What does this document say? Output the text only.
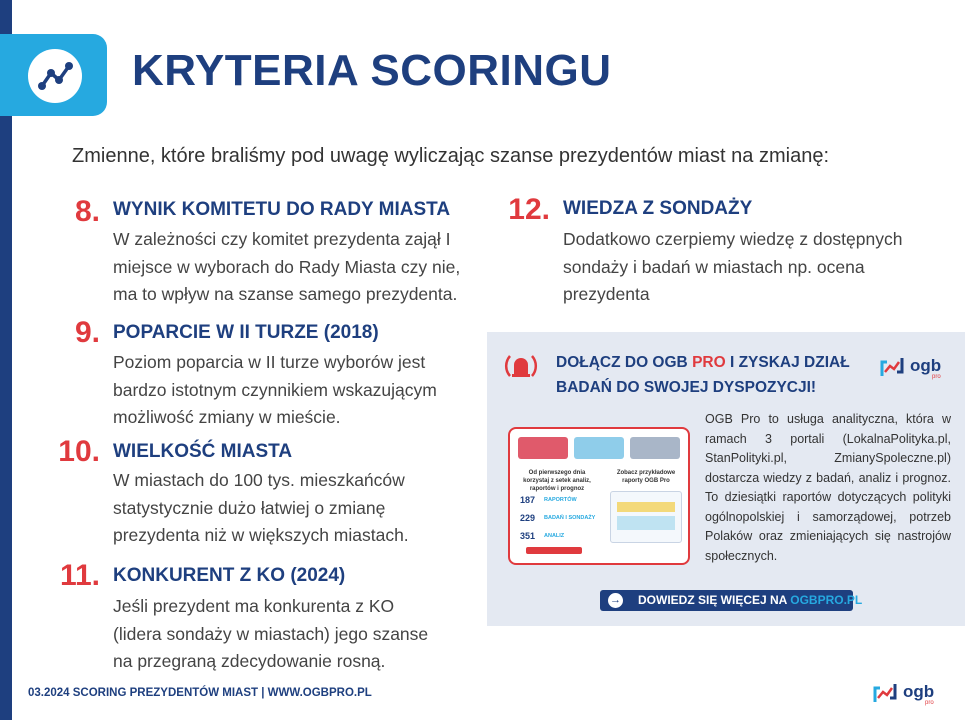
KRYTERIA SCORINGU
Zmienne, które braliśmy pod uwagę wyliczając szanse prezydentów miast na zmianę:
8. WYNIK KOMITETU DO RADY MIASTA
W zależności czy komitet prezydenta zajął I
miejsce w wyborach do Rady Miasta czy nie,
ma to wpływ na szanse samego prezydenta.
9. POPARCIE W II TURZE (2018)
Poziom poparcia w II turze wyborów jest
bardzo istotnym czynnikiem wskazującym
możliwość zmiany w mieście.
10. WIELKOŚĆ MIASTA
W miastach do 100 tys. mieszkańców
statystycznie dużo łatwiej o zmianę
prezydenta niż w większych miastach.
11. KONKURENT Z KO (2024)
Jeśli prezydent ma konkurenta z KO
(lidera sondaży w miastach) jego szanse
na przegraną zdecydowanie rosną.
12. WIEDZA Z SONDAŻY
Dodatkowo czerpiemy wiedzę z dostępnych
sondaży i badań w miastach np. ocena
prezydenta
DOŁĄCZ DO OGB PRO I ZYSKAJ DZIAŁ
BADAŃ DO SWOJEJ DYSPOZYCJI!
ogb
pro
Od pierwszego dnia korzystaj z setek analiz, raportów i prognoz
Zobacz przykładowe raporty OGB Pro
187 RAPORTÓW
229 BADAŃ I SONDAŻY
351 ANALIZ
OGB Pro to usługa analityczna, która w ramach 3 portali (LokalnaPolityka.pl, StanPolityki.pl, ZmianySpoleczne.pl) dostarcza wiedzy z badań, analiz i prognoz. To dziesiątki raportów dotyczących polityki ogólnopolskiej i samorządowej, potrzeb Polaków oraz zmieniających się nastrojów społecznych.
→ DOWIEDZ SIĘ WIĘCEJ NA OGBPRO.PL
03.2024 SCORING PREZYDENTÓW MIAST | WWW.OGBPRO.PL	ogb
pro
